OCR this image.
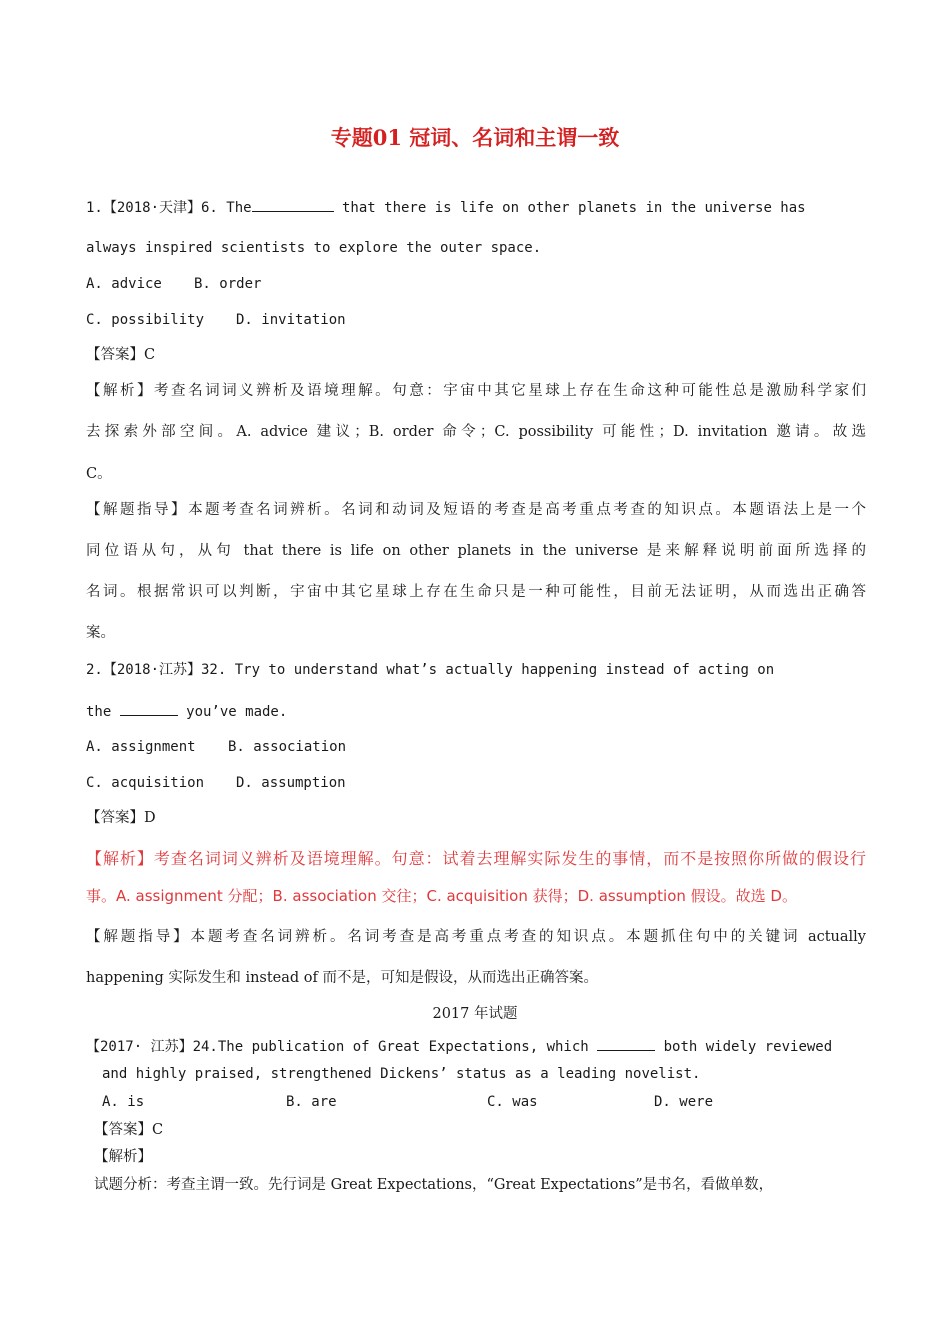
专题01 冠词、名词和主谓一致
1.【2018·天津】6. The	that there is life on other planets in the universe has
always inspired scientists to explore the outer space.
A. advice B. order
C. possibility D. invitation
【答案】C
【解析】考查名词词义辨析及语境理解。句意：宇宙中其它星球上存在生命这种可能性总是激励科学家们
去探索外部空间。A. advice 建议；B. order 命令；C. possibility 可能性；D. invitation 邀请。故选
C。
【解题指导】本题考查名词辨析。名词和动词及短语的考查是高考重点考查的知识点。本题语法上是一个
同位语从句，从句 that there is life on other planets in the universe 是来解释说明前面所选择的
名词。根据常识可以判断，宇宙中其它星球上存在生命只是一种可能性，目前无法证明，从而选出正确答
案。
2.【2018·江苏】32. Try to understand what’s actually happening instead of acting on
the	you’ve made.
A. assignment B. association
C. acquisition D. assumption
【答案】D
【解析】考查名词词义辨析及语境理解。句意：试着去理解实际发生的事情，而不是按照你所做的假设行
事。A. assignment 分配；B. association 交往；C. acquisition 获得；D. assumption 假设。故选 D。
【解题指导】本题考查名词辨析。名词考查是高考重点考查的知识点。本题抓住句中的关键词 actually
happening 实际发生和 instead of 而不是，可知是假设，从而选出正确答案。
2017 年试题
【2017· 江苏】24.The publication of Great Expectations, which	both widely reviewed
and highly praised, strengthened Dickens’ status as a leading novelist.
A. is	B. are	C. was	D. were
【答案】C
【解析】
试题分析：考查主谓一致。先行词是 Great Expectations，“Great Expectations”是书名，看做单数，
